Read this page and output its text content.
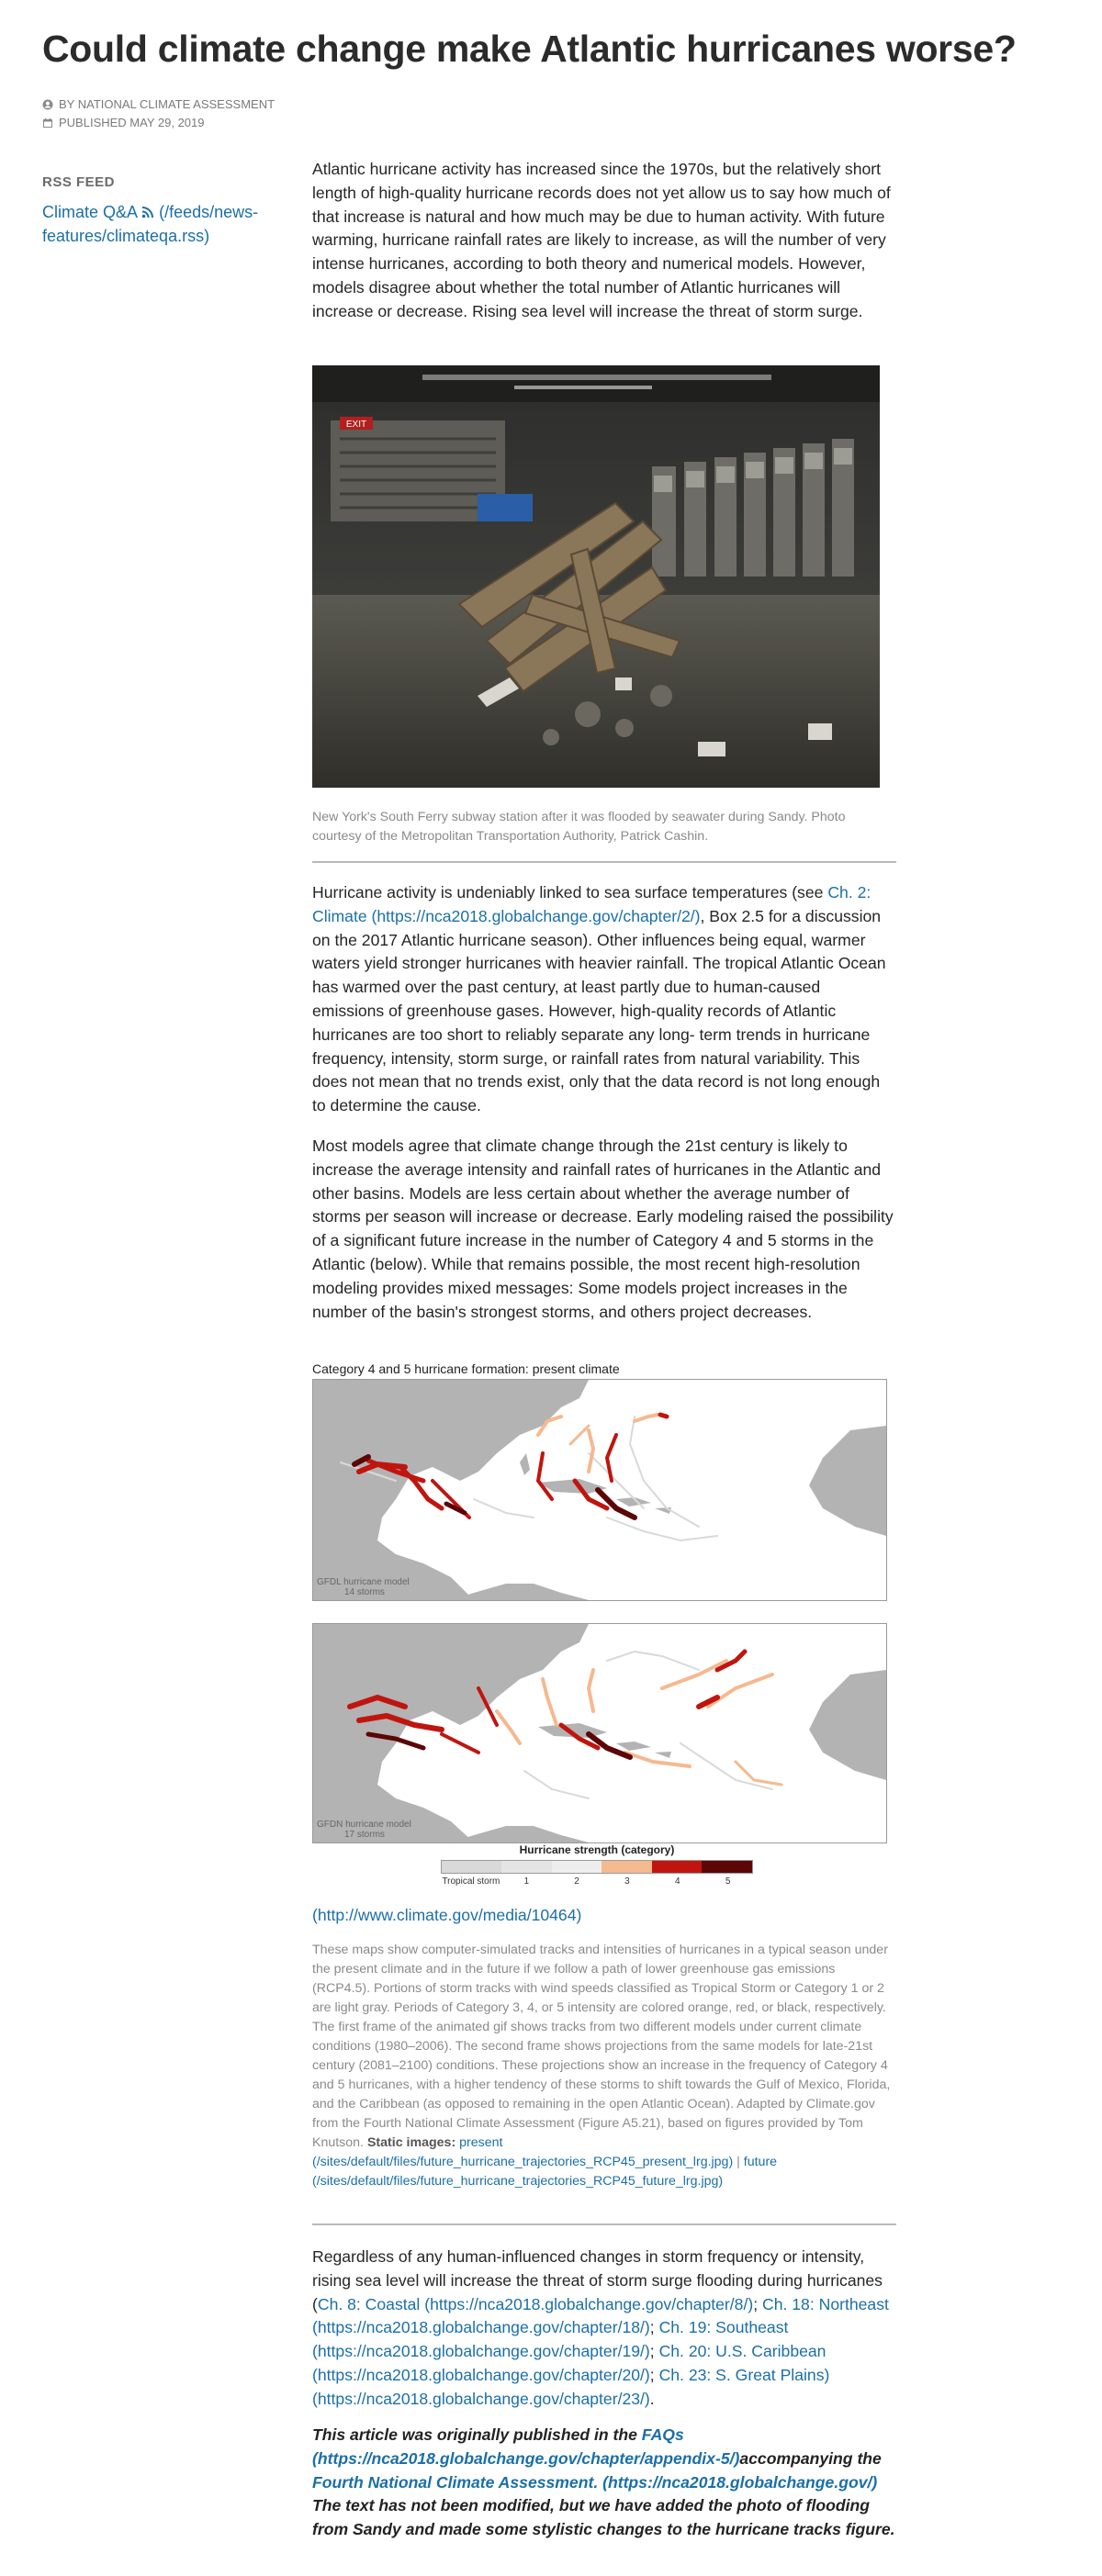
Could climate change make Atlantic hurricanes worse?
BY NATIONAL CLIMATE ASSESSMENT
PUBLISHED MAY 29, 2019
RSS FEED
Climate Q&A (/feeds/news-features/climateqa.rss)

Atlantic hurricane activity has increased since the 1970s, but the relatively short length of high-quality hurricane records does not yet allow us to say how much of that increase is natural and how much may be due to human activity. With future warming, hurricane rainfall rates are likely to increase, as will the number of very intense hurricanes, according to both theory and numerical models. However, models disagree about whether the total number of Atlantic hurricanes will increase or decrease. Rising sea level will increase the threat of storm surge.

EXIT

New York's South Ferry subway station after it was flooded by seawater during Sandy. Photo courtesy of the Metropolitan Transportation Authority, Patrick Cashin.

Hurricane activity is undeniably linked to sea surface temperatures (see Ch. 2: Climate (https://nca2018.globalchange.gov/chapter/2/), Box 2.5 for a discussion on the 2017 Atlantic hurricane season). Other influences being equal, warmer waters yield stronger hurricanes with heavier rainfall. The tropical Atlantic Ocean has warmed over the past century, at least partly due to human-caused emissions of greenhouse gases. However, high-quality records of Atlantic hurricanes are too short to reliably separate any long- term trends in hurricane frequency, intensity, storm surge, or rainfall rates from natural variability. This does not mean that no trends exist, only that the data record is not long enough to determine the cause.

Most models agree that climate change through the 21st century is likely to increase the average intensity and rainfall rates of hurricanes in the Atlantic and other basins. Models are less certain about whether the average number of storms per season will increase or decrease. Early modeling raised the possibility of a significant future increase in the number of Category 4 and 5 storms in the Atlantic (below). While that remains possible, the most recent high-resolution modeling provides mixed messages: Some models project increases in the number of the basin's strongest storms, and others project decreases.

Category 4 and 5 hurricane formation: present climate
GFDL hurricane model
14 storms
GFDN hurricane model
17 storms
Hurricane strength (category)
Tropical storm	1	2	3	4	5
(http://www.climate.gov/media/10464)

These maps show computer-simulated tracks and intensities of hurricanes in a typical season under the present climate and in the future if we follow a path of lower greenhouse gas emissions (RCP4.5). Portions of storm tracks with wind speeds classified as Tropical Storm or Category 1 or 2 are light gray. Periods of Category 3, 4, or 5 intensity are colored orange, red, or black, respectively. The first frame of the animated gif shows tracks from two different models under current climate conditions (1980–2006). The second frame shows projections from the same models for late-21st century (2081–2100) conditions. These projections show an increase in the frequency of Category 4 and 5 hurricanes, with a higher tendency of these storms to shift towards the Gulf of Mexico, Florida, and the Caribbean (as opposed to remaining in the open Atlantic Ocean). Adapted by Climate.gov from the Fourth National Climate Assessment (Figure A5.21), based on figures provided by Tom Knutson. Static images: present (/sites/default/files/future_hurricane_trajectories_RCP45_present_lrg.jpg) | future (/sites/default/files/future_hurricane_trajectories_RCP45_future_lrg.jpg)

Regardless of any human-influenced changes in storm frequency or intensity, rising sea level will increase the threat of storm surge flooding during hurricanes (Ch. 8: Coastal (https://nca2018.globalchange.gov/chapter/8/); Ch. 18: Northeast (https://nca2018.globalchange.gov/chapter/18/); Ch. 19: Southeast (https://nca2018.globalchange.gov/chapter/19/); Ch. 20: U.S. Caribbean (https://nca2018.globalchange.gov/chapter/20/); Ch. 23: S. Great Plains) (https://nca2018.globalchange.gov/chapter/23/).

This article was originally published in the FAQs (https://nca2018.globalchange.gov/chapter/appendix-5/)accompanying the Fourth National Climate Assessment. (https://nca2018.globalchange.gov/) The text has not been modified, but we have added the photo of flooding from Sandy and made some stylistic changes to the hurricane tracks figure.
